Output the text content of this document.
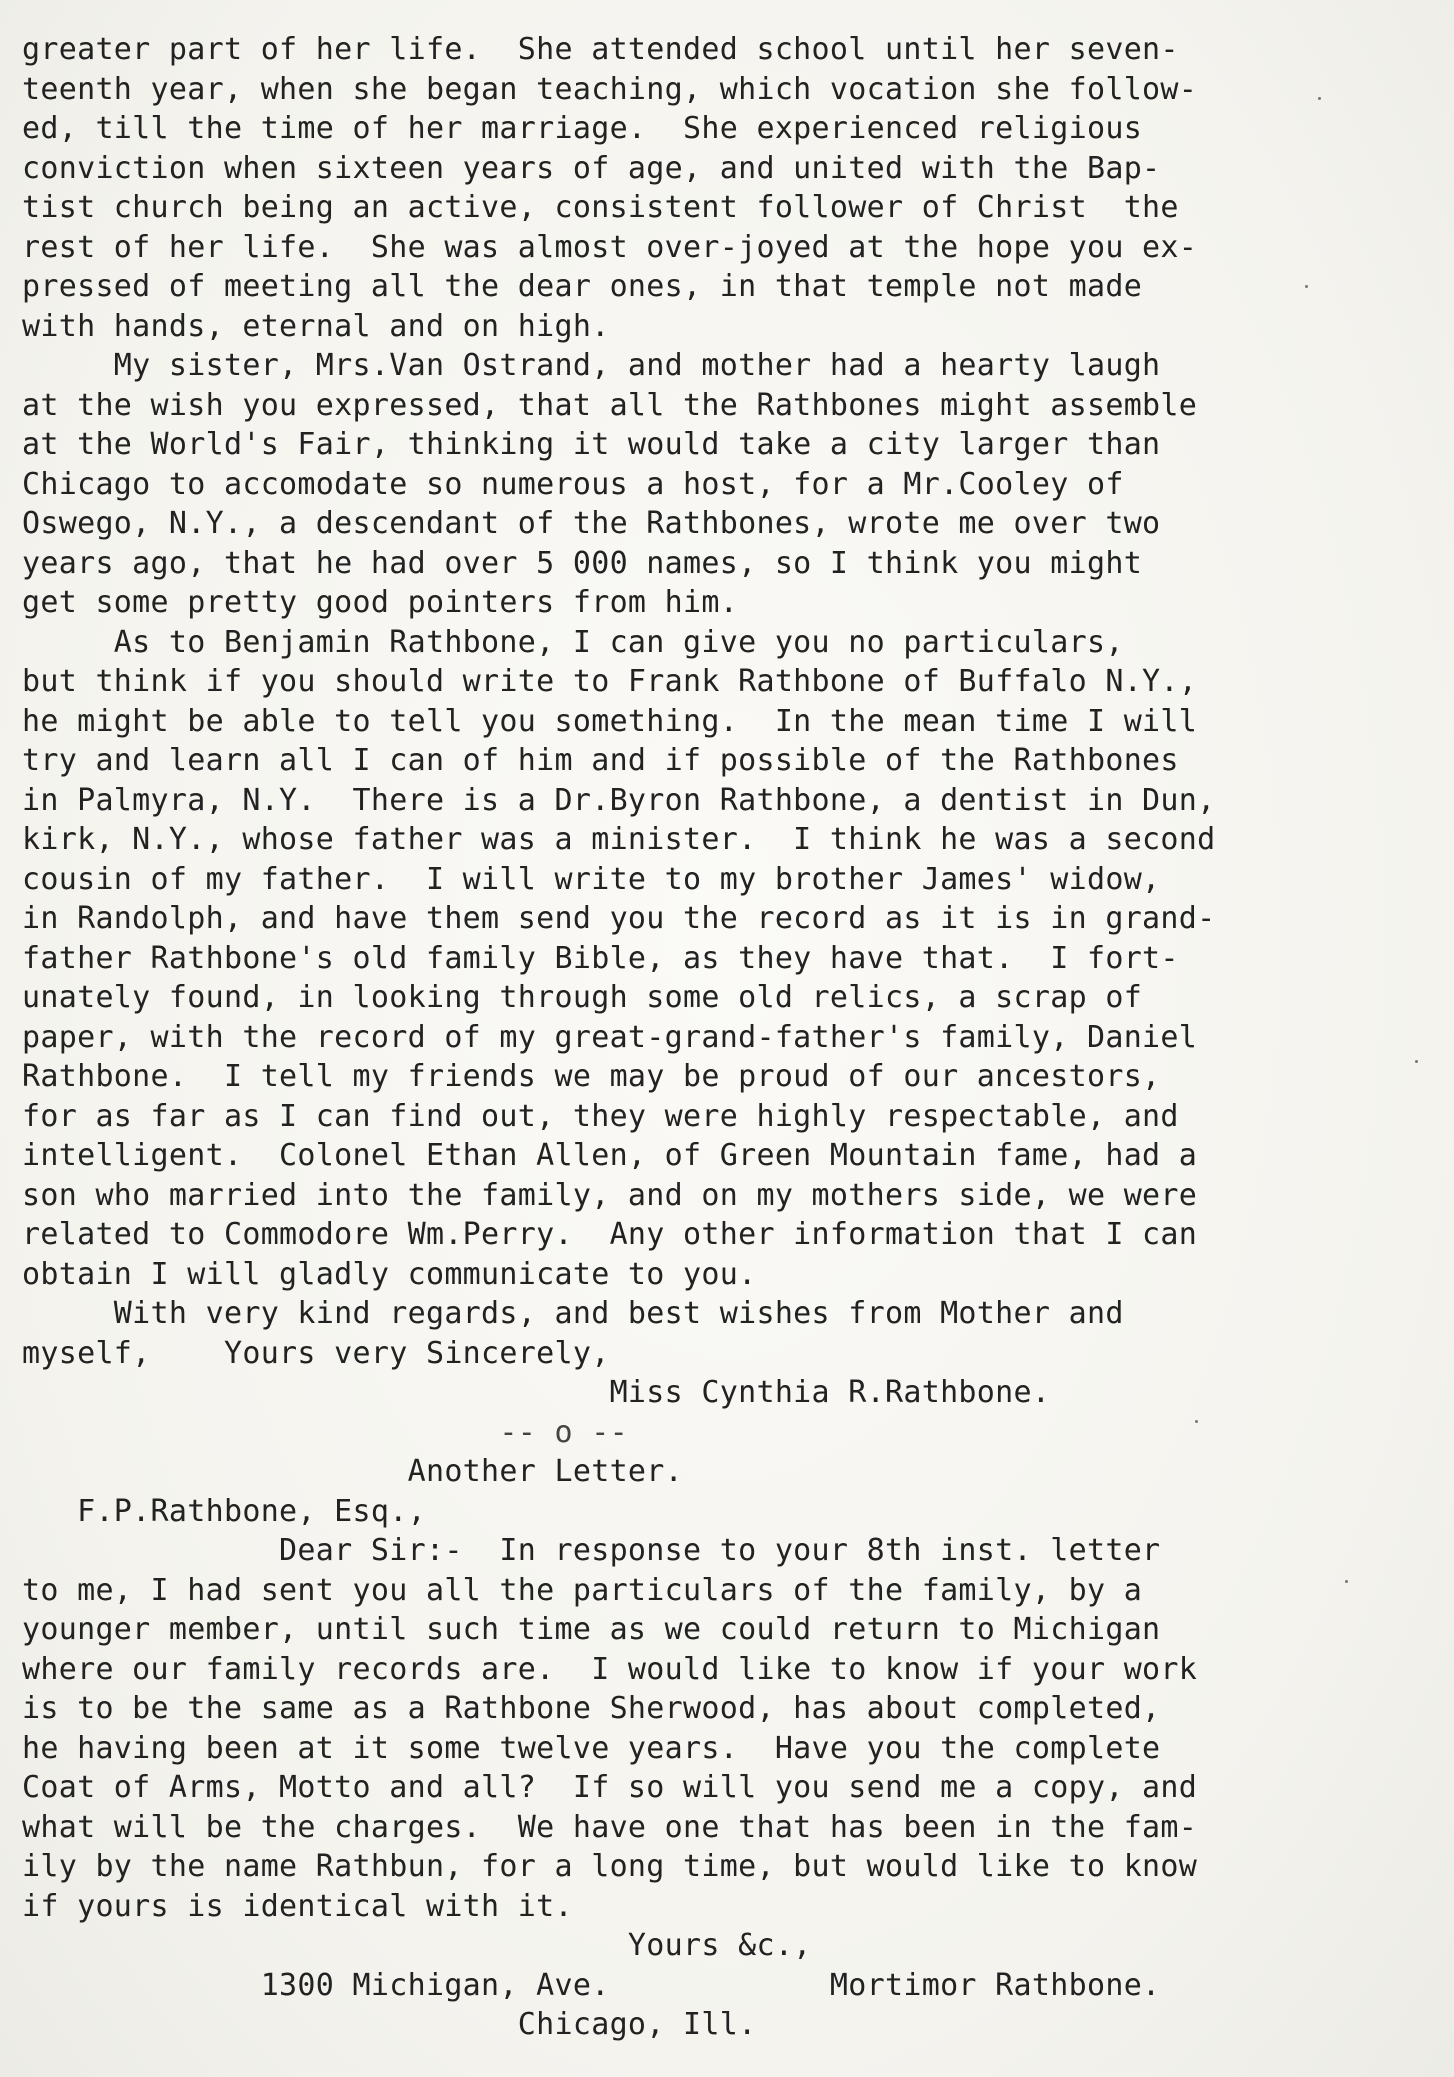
greater part of her life.  She attended school until her seven-
teenth year, when she began teaching, which vocation she follow-
ed, till the time of her marriage.  She experienced religious
conviction when sixteen years of age, and united with the Bap-
tist church being an active, consistent follower of Christ  the
rest of her life.  She was almost over-joyed at the hope you ex-
pressed of meeting all the dear ones, in that temple not made
with hands, eternal and on high.
My sister, Mrs.Van Ostrand, and mother had a hearty laugh
at the wish you expressed, that all the Rathbones might assemble
at the World's Fair, thinking it would take a city larger than
Chicago to accomodate so numerous a host, for a Mr.Cooley of
Oswego, N.Y., a descendant of the Rathbones, wrote me over two
years ago, that he had over 5 000 names, so I think you might
get some pretty good pointers from him.
As to Benjamin Rathbone, I can give you no particulars,
but think if you should write to Frank Rathbone of Buffalo N.Y.,
he might be able to tell you something.  In the mean time I will
try and learn all I can of him and if possible of the Rathbones
in Palmyra, N.Y.  There is a Dr.Byron Rathbone, a dentist in Dun,
kirk, N.Y., whose father was a minister.  I think he was a second
cousin of my father.  I will write to my brother James' widow,
in Randolph, and have them send you the record as it is in grand-
father Rathbone's old family Bible, as they have that.  I fort-
unately found, in looking through some old relics, a scrap of
paper, with the record of my great-grand-father's family, Daniel
Rathbone.  I tell my friends we may be proud of our ancestors,
for as far as I can find out, they were highly respectable, and
intelligent.  Colonel Ethan Allen, of Green Mountain fame, had a
son who married into the family, and on my mothers side, we were
related to Commodore Wm.Perry.  Any other information that I can
obtain I will gladly communicate to you.
With very kind regards, and best wishes from Mother and
myself,    Yours very Sincerely,
Miss Cynthia R.Rathbone.
-- o --
Another Letter.
F.P.Rathbone, Esq.,
Dear Sir:-  In response to your 8th inst. letter
to me, I had sent you all the particulars of the family, by a
younger member, until such time as we could return to Michigan
where our family records are.  I would like to know if your work
is to be the same as a Rathbone Sherwood, has about completed,
he having been at it some twelve years.  Have you the complete
Coat of Arms, Motto and all?  If so will you send me a copy, and
what will be the charges.  We have one that has been in the fam-
ily by the name Rathbun, for a long time, but would like to know
if yours is identical with it.
Yours &c.,
1300 Michigan, Ave.            Mortimor Rathbone.
Chicago, Ill.
